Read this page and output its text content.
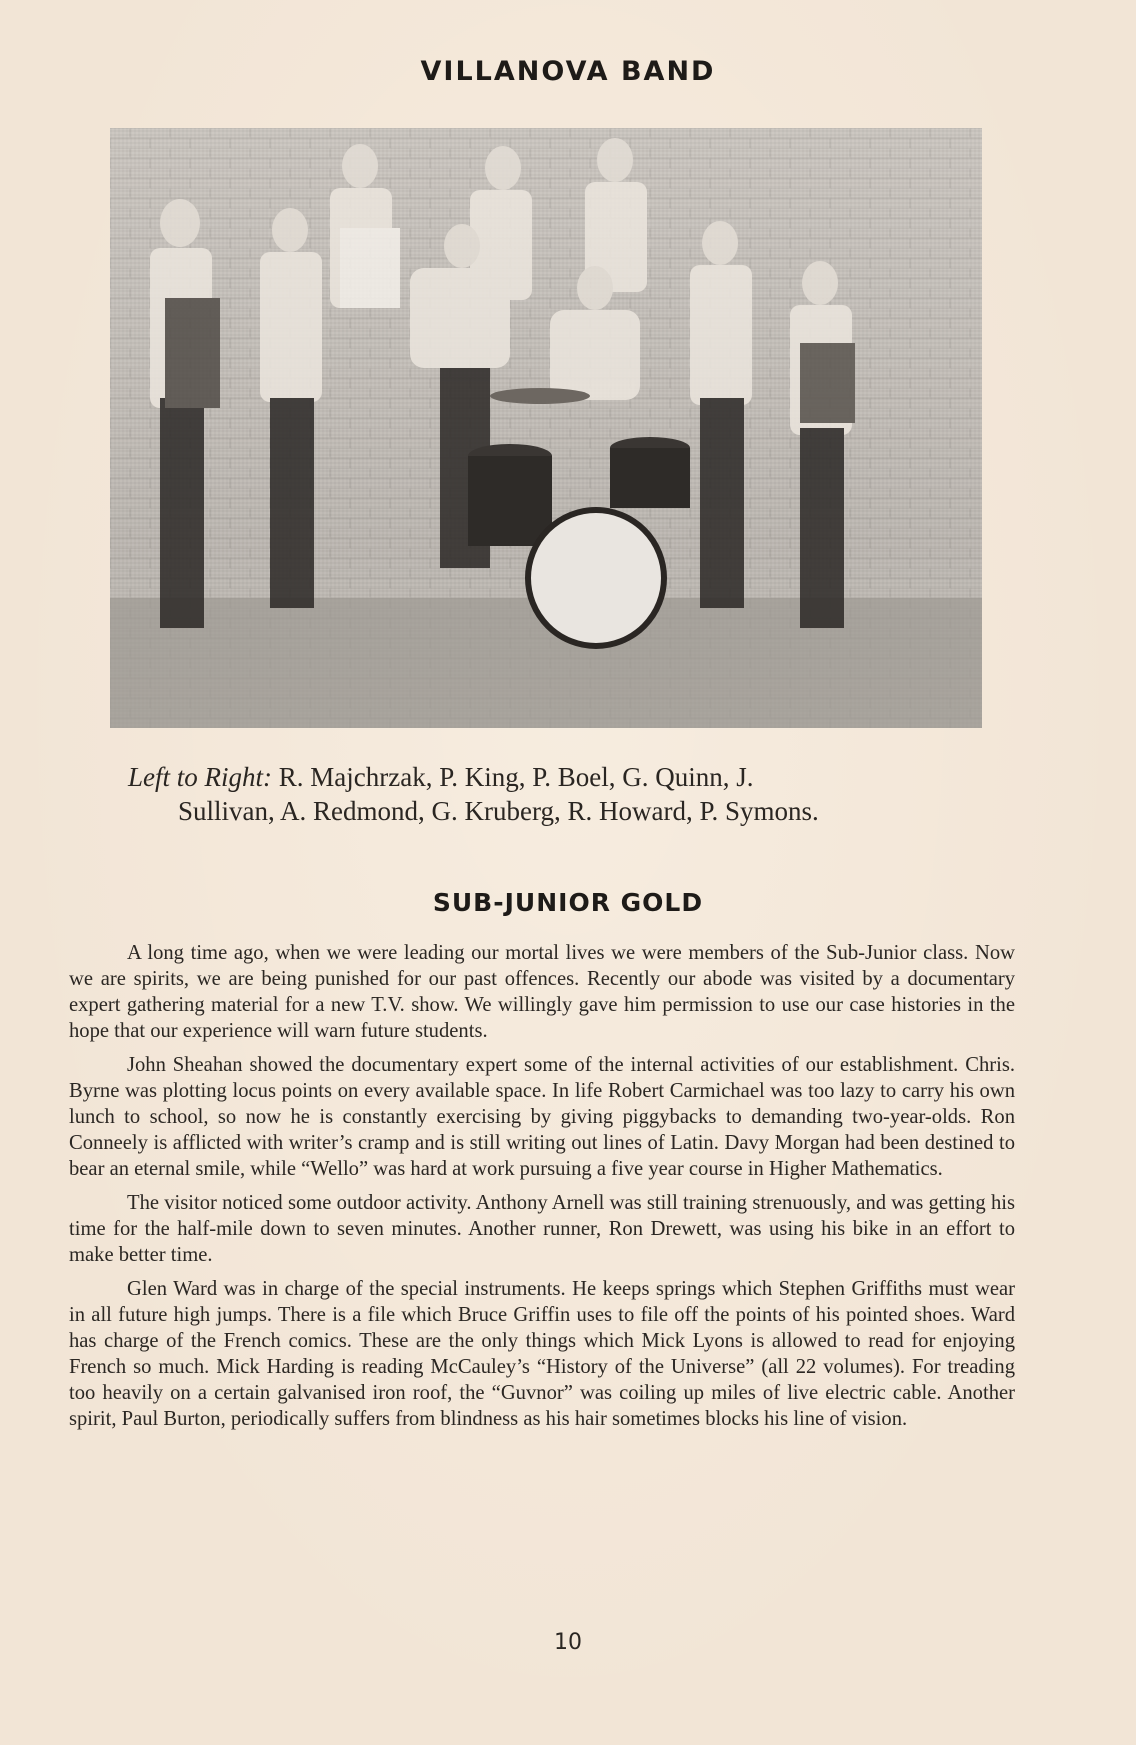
VILLANOVA BAND
Left to Right: R. Majchrzak, P. King, P. Boel, G. Quinn, J.
Sullivan, A. Redmond, G. Kruberg, R. Howard, P. Symons.
SUB-JUNIOR GOLD

A long time ago, when we were leading our mortal lives we were members of the Sub-Junior class. Now we are spirits, we are being punished for our past offences. Recently our abode was visited by a documentary expert gathering material for a new T.V. show. We willingly gave him permission to use our case histories in the hope that our experience will warn future students.

John Sheahan showed the documentary expert some of the internal activities of our establishment. Chris. Byrne was plotting locus points on every available space. In life Robert Carmichael was too lazy to carry his own lunch to school, so now he is constantly exercising by giving piggybacks to demanding two-year-olds. Ron Conneely is afflicted with writer’s cramp and is still writing out lines of Latin. Davy Morgan had been destined to bear an eternal smile, while “Wello” was hard at work pursuing a five year course in Higher Mathematics.

The visitor noticed some outdoor activity. Anthony Arnell was still training strenuously, and was getting his time for the half-mile down to seven minutes. Another runner, Ron Drewett, was using his bike in an effort to make better time.

Glen Ward was in charge of the special instruments. He keeps springs which Stephen Griffiths must wear in all future high jumps. There is a file which Bruce Griffin uses to file off the points of his pointed shoes. Ward has charge of the French comics. These are the only things which Mick Lyons is allowed to read for enjoying French so much. Mick Harding is reading McCauley’s “History of the Universe” (all 22 volumes). For treading too heavily on a certain galvanised iron roof, the “Guvnor” was coiling up miles of live electric cable. Another spirit, Paul Burton, periodically suffers from blindness as his hair sometimes blocks his line of vision.

10
